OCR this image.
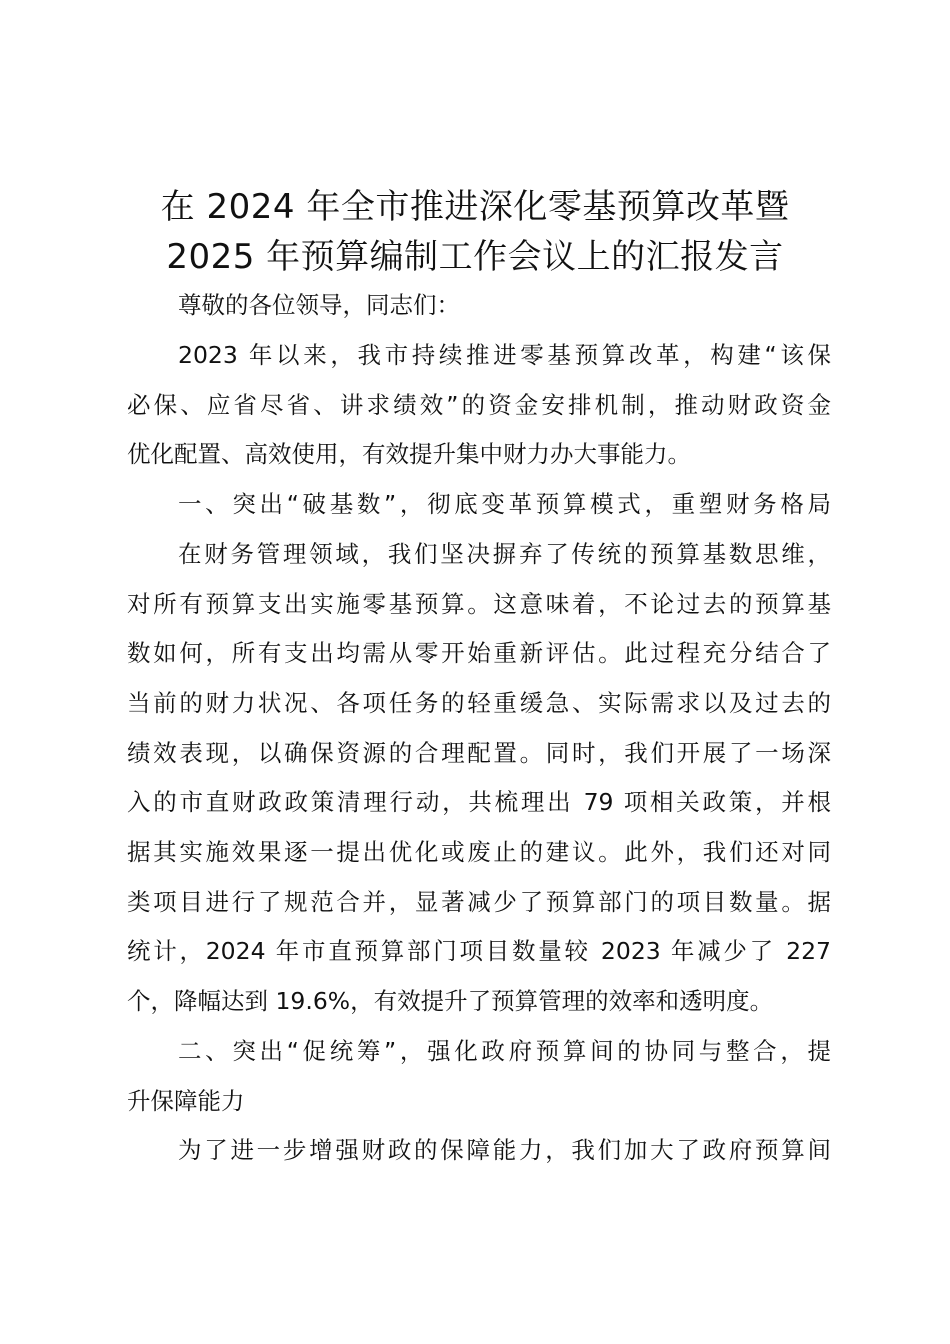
在 2024 年全市推进深化零基预算改革暨
2025 年预算编制工作会议上的汇报发言
尊敬的各位领导，同志们：
2023 年以来，我市持续推进零基预算改革，构建“该保
必保、应省尽省、讲求绩效”的资金安排机制，推动财政资金
优化配置、高效使用，有效提升集中财力办大事能力。
一、突出“破基数”，彻底变革预算模式，重塑财务格局
在财务管理领域，我们坚决摒弃了传统的预算基数思维，
对所有预算支出实施零基预算。这意味着，不论过去的预算基
数如何，所有支出均需从零开始重新评估。此过程充分结合了
当前的财力状况、各项任务的轻重缓急、实际需求以及过去的
绩效表现，以确保资源的合理配置。同时，我们开展了一场深
入的市直财政政策清理行动，共梳理出 79 项相关政策，并根
据其实施效果逐一提出优化或废止的建议。此外，我们还对同
类项目进行了规范合并，显著减少了预算部门的项目数量。据
统计，2024 年市直预算部门项目数量较 2023 年减少了 227
个，降幅达到 19.6%，有效提升了预算管理的效率和透明度。
二、突出“促统筹”，强化政府预算间的协同与整合，提
升保障能力
为了进一步增强财政的保障能力，我们加大了政府预算间
